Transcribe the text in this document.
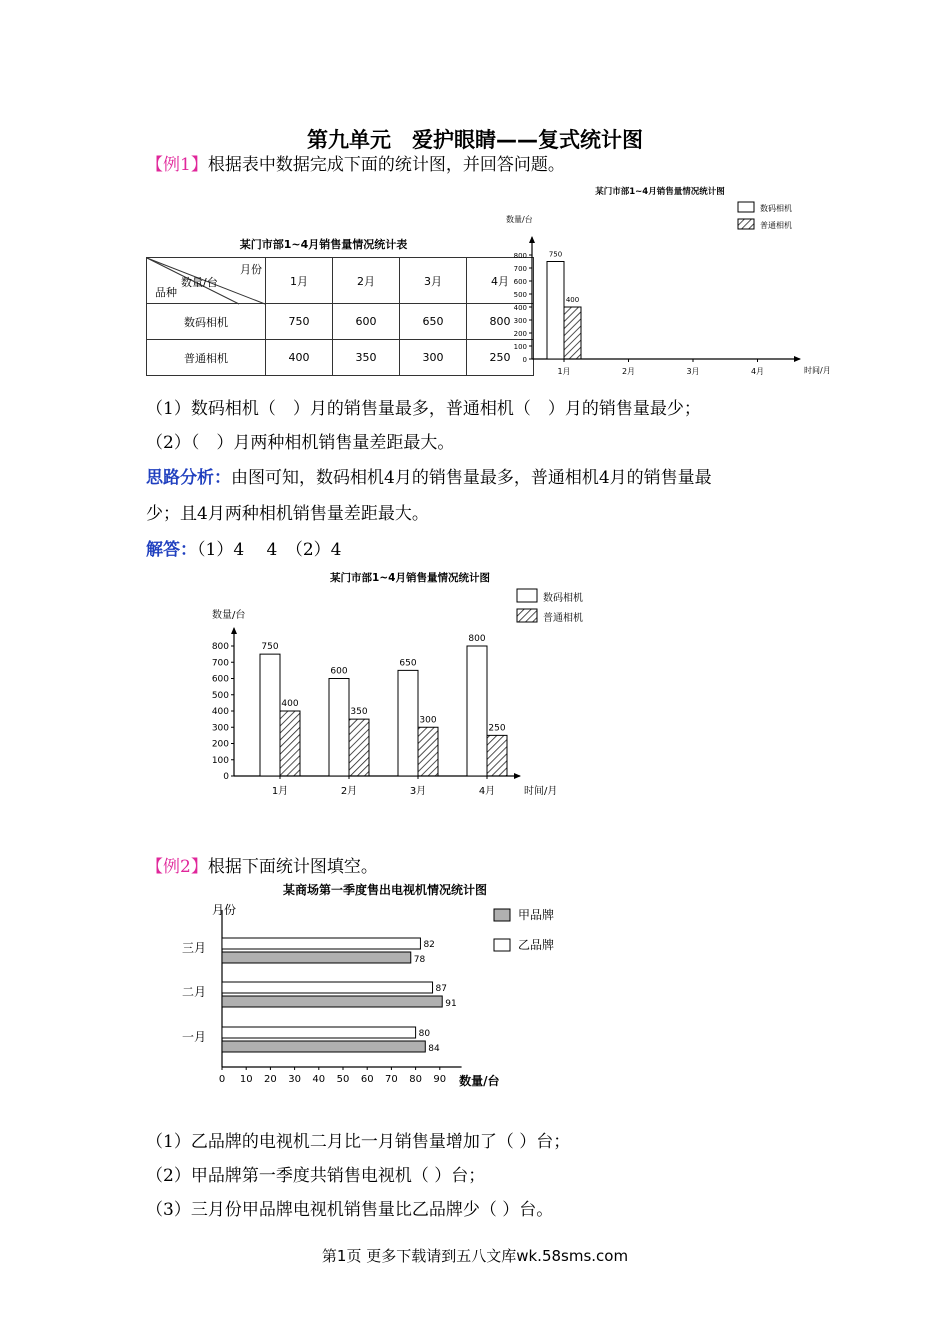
第九单元　爱护眼睛——复式统计图
【例1】根据表中数据完成下面的统计图，并回答问题。
某门市部1~4月销售量情况统计表
月份
数量/台
品种	1月	2月	3月	4月
数码相机	750	600	650	800
普通相机	400	350	300	250
某门市部1~4月销售量情况统计图
数码相机
普通相机
数量/台
时间/月
0
100
200
300
400
500
600
700
800
1月
750
400
2月	3月	4月
（1）数码相机（　）月的销售量最多，普通相机（　）月的销售量最少；
（2）（　）月两种相机销售量差距最大。
思路分析：由图可知，数码相机4月的销售量最多，普通相机4月的销售量最
少；且4月两种相机销售量差距最大。
解答：（1）4　 4　（2）4
某门市部1~4月销售量情况统计图
数码相机
普通相机
数量/台
时间/月
0
100
200
300
400
500
600
700
800
1月
750
400
2月
600
350
3月
650
300
4月
800
250
【例2】根据下面统计图填空。
某商场第一季度售出电视机情况统计图
甲品牌
乙品牌
月份
数量/台
0 10 20 30 40 50 60 70 80 90
三月	82
78
二月	87
91
一月	80
84
（1）乙品牌的电视机二月比一月销售量增加了（ ）台；
（2）甲品牌第一季度共销售电视机（ ）台；
（3）三月份甲品牌电视机销售量比乙品牌少（ ）台。
第1页 更多下载请到五八文库wk.58sms.com
